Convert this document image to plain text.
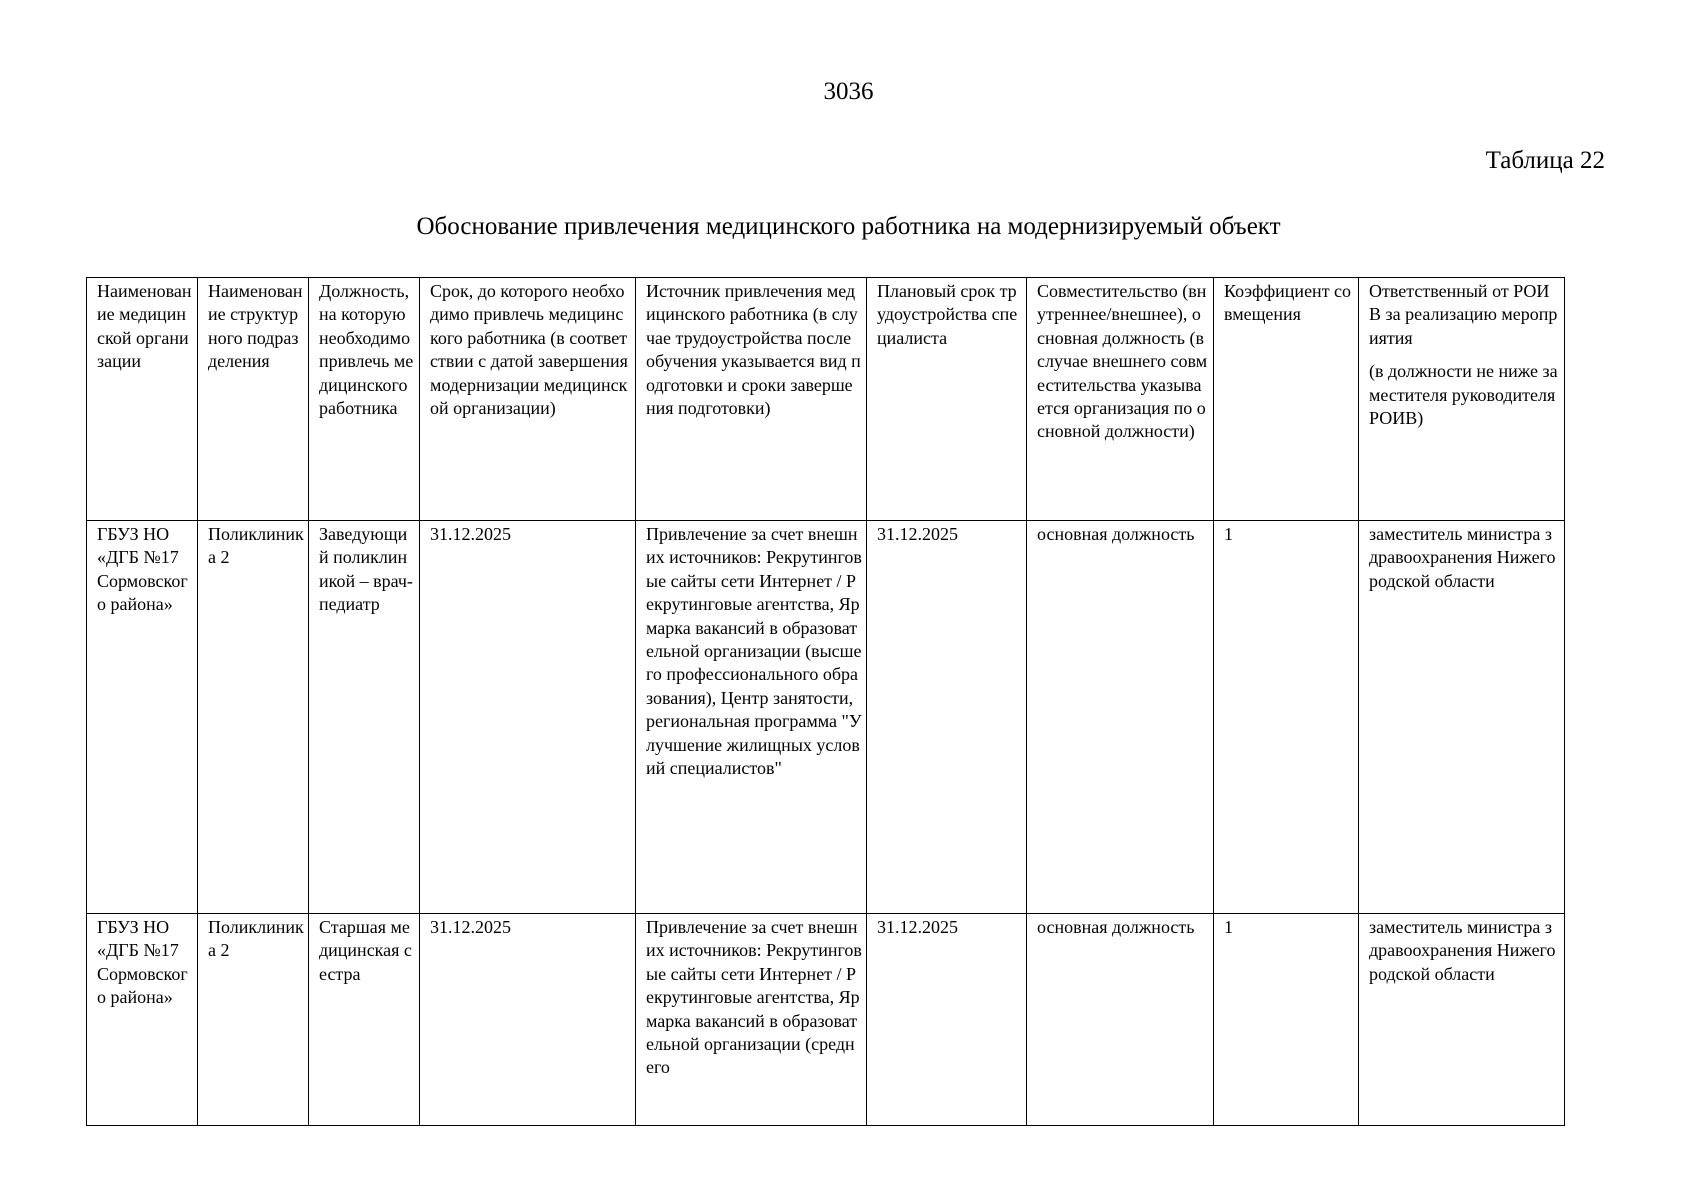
3036
Таблица 22
Обоснование привлечения медицинского работника на модернизируемый объект
Наименование медицинской организации	Наименование структурного подразделения	Должность, на которую необходимо привлечь медицинского работника	Срок, до которого необходимо привлечь медицинского работника (в соответствии с датой завершения модернизации медицинской организации)	Источник привлечения медицинского работника (в случае трудоустройства после обучения указывается вид подготовки и сроки завершения подготовки)	Плановый срок трудоустройства специалиста	Совместительство (внутреннее/внешнее), основная должность (в случае внешнего совместительства указывается организация по основной должности)	Коэффициент совмещения	Ответственный от РОИВ за реализацию мероприятия
(в должности не ниже заместителя руководителя РОИВ)

ГБУЗ НО «ДГБ №17 Сормовского района»	Поликлиника 2	Заведующий поликлиникой – врач-педиатр	31.12.2025	Привлечение за счет внешних источников: Рекрутинговые сайты сети Интернет / Рекрутинговые агентства, Ярмарка вакансий в образовательной организации (высшего профессионального образования), Центр занятости, региональная программа "Улучшение жилищных условий специалистов"	31.12.2025	основная должность	1	заместитель министра здравоохранения Нижегородской области
ГБУЗ НО «ДГБ №17 Сормовского района»	Поликлиника 2	Старшая медицинская сестра	31.12.2025	Привлечение за счет внешних источников: Рекрутинговые сайты сети Интернет / Рекрутинговые агентства, Ярмарка вакансий в образовательной организации (среднего	31.12.2025	основная должность	1	заместитель министра здравоохранения Нижегородской области
